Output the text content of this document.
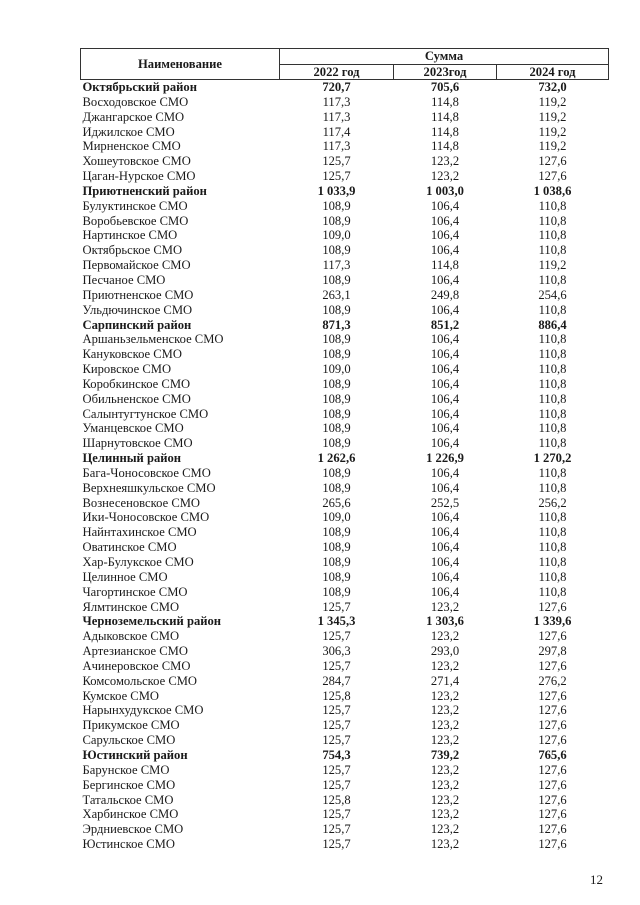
Наименование	Сумма		
	2022 год	2023год	2024 год
Октябрьский район	720,7	705,6	732,0
Восходовское СМО	117,3	114,8	119,2
Джангарское СМО	117,3	114,8	119,2
Иджилское СМО	117,4	114,8	119,2
Мирненское СМО	117,3	114,8	119,2
Хошеутовское СМО	125,7	123,2	127,6
Цаган-Нурское СМО	125,7	123,2	127,6
Приютненский район	1 033,9	1 003,0	1 038,6
Булуктинское СМО	108,9	106,4	110,8
Воробьевское СМО	108,9	106,4	110,8
Нартинское СМО	109,0	106,4	110,8
Октябрьское СМО	108,9	106,4	110,8
Первомайское СМО	117,3	114,8	119,2
Песчаное СМО	108,9	106,4	110,8
Приютненское СМО	263,1	249,8	254,6
Ульдючинское СМО	108,9	106,4	110,8
Сарпинский район	871,3	851,2	886,4
Аршаньзельменское СМО	108,9	106,4	110,8
Кануковское СМО	108,9	106,4	110,8
Кировское СМО	109,0	106,4	110,8
Коробкинское СМО	108,9	106,4	110,8
Обильненское СМО	108,9	106,4	110,8
Салынтугтунское СМО	108,9	106,4	110,8
Уманцевское СМО	108,9	106,4	110,8
Шарнутовское СМО	108,9	106,4	110,8
Целинный район	1 262,6	1 226,9	1 270,2
Бага-Чоносовское СМО	108,9	106,4	110,8
Верхнеяшкульское СМО	108,9	106,4	110,8
Вознесеновское СМО	265,6	252,5	256,2
Ики-Чоносовское СМО	109,0	106,4	110,8
Найнтахинское СМО	108,9	106,4	110,8
Оватинское СМО	108,9	106,4	110,8
Хар-Булукское СМО	108,9	106,4	110,8
Целинное СМО	108,9	106,4	110,8
Чагортинское СМО	108,9	106,4	110,8
Ялмтинское СМО	125,7	123,2	127,6
Черноземельский район	1 345,3	1 303,6	1 339,6
Адыковское СМО	125,7	123,2	127,6
Артезианское СМО	306,3	293,0	297,8
Ачинеровское СМО	125,7	123,2	127,6
Комсомольское СМО	284,7	271,4	276,2
Кумское СМО	125,8	123,2	127,6
Нарынхудукское СМО	125,7	123,2	127,6
Прикумское СМО	125,7	123,2	127,6
Сарульское СМО	125,7	123,2	127,6
Юстинский район	754,3	739,2	765,6
Барунское СМО	125,7	123,2	127,6
Бергинское СМО	125,7	123,2	127,6
Татальское СМО	125,8	123,2	127,6
Харбинское СМО	125,7	123,2	127,6
Эрдниевское СМО	125,7	123,2	127,6
Юстинское СМО	125,7	123,2	127,6
12
